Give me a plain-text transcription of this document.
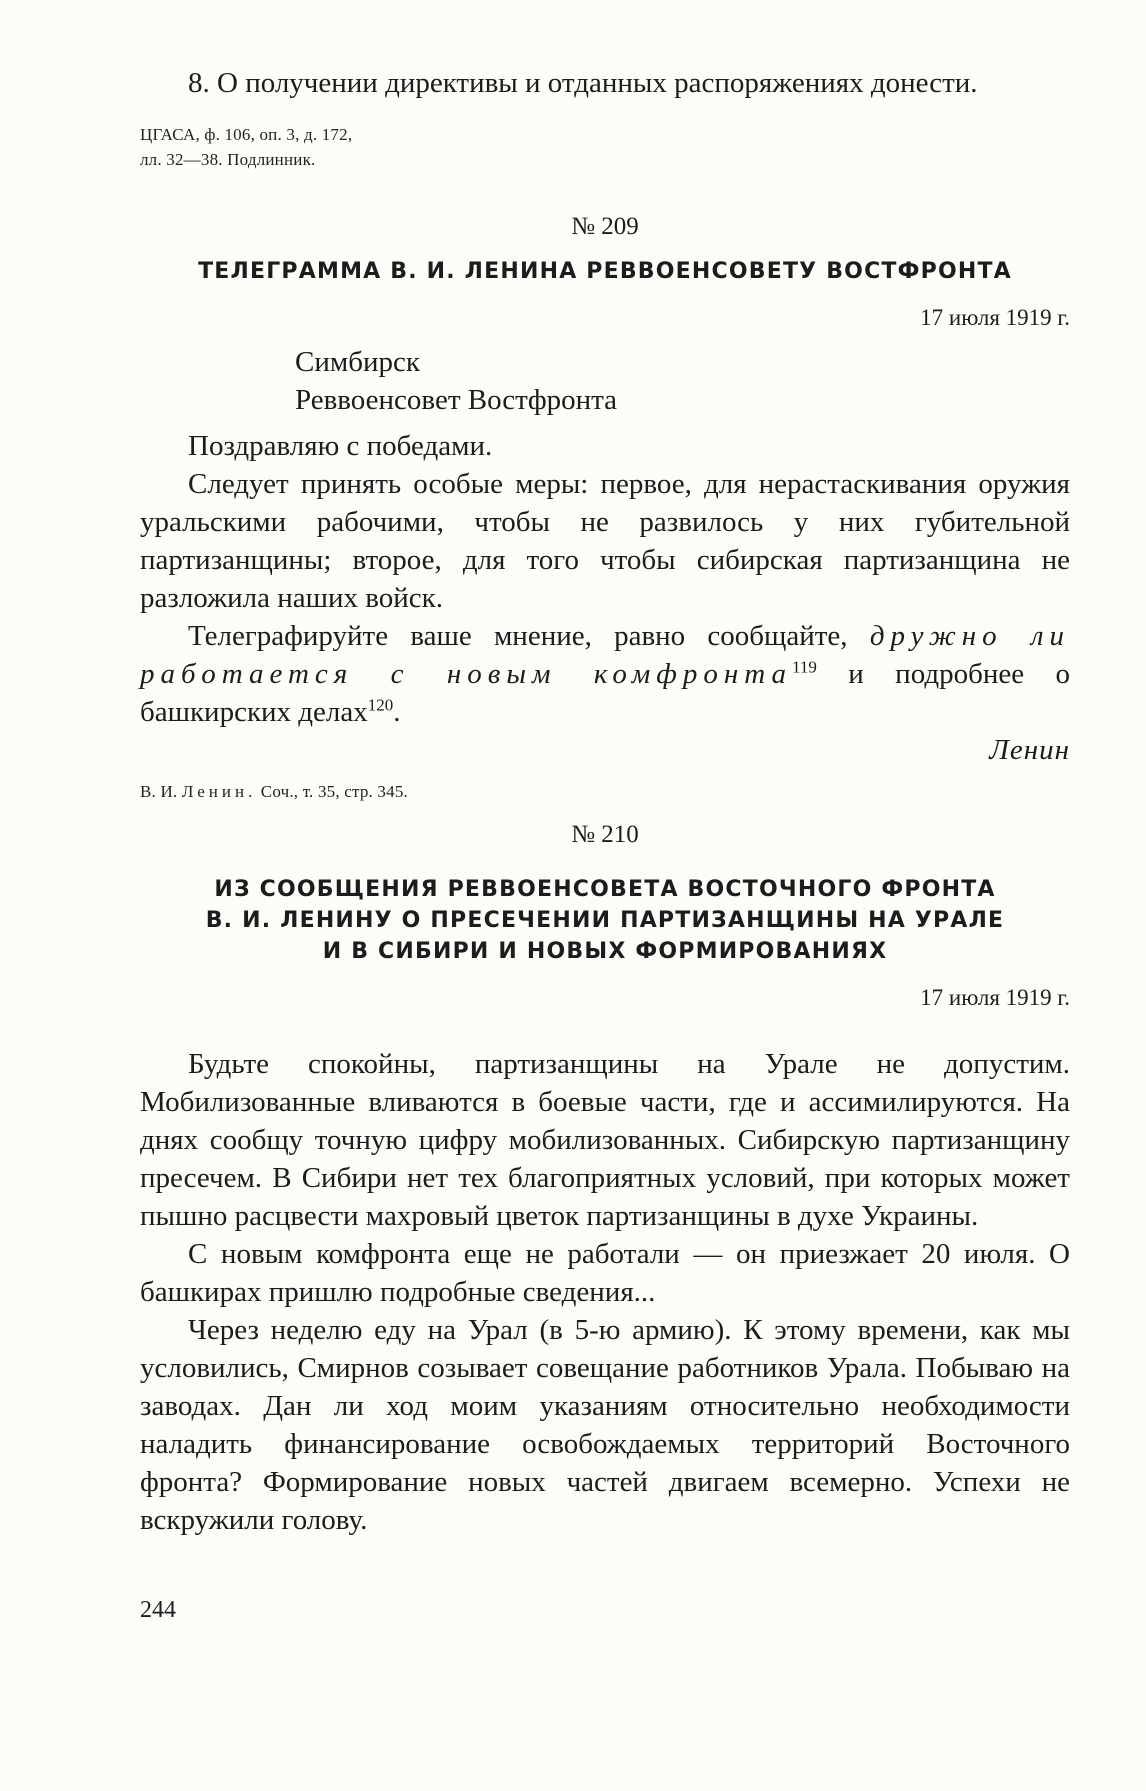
8. О получении директивы и отданных распоряжениях донести.

ЦГАСА, ф. 106, оп. 3, д. 172,

лл. 32—38. Подлинник.

№ 209

ТЕЛЕГРАММА В. И. ЛЕНИНА РЕВВОЕНСОВЕТУ ВОСТФРОНТА

17 июля 1919 г.

Симбирск

Реввоенсовет Востфронта

Поздравляю с победами.

Следует принять особые меры: первое, для нерастаскивания оружия уральскими рабочими, чтобы не развилось у них губительной партизанщины; второе, для того чтобы сибирская партизанщина не разложила наших войск.

Телеграфируйте ваше мнение, равно сообщайте, дружно ли работается с новым комфронта$^{119}$ и подробнее о башкирских делах$^{120}$.

Ленин

В. И. Ленин. Соч., т. 35, стр. 345.

№ 210

ИЗ СООБЩЕНИЯ РЕВВОЕНСОВЕТА ВОСТОЧНОГО ФРОНТА

В. И. ЛЕНИНУ О ПРЕСЕЧЕНИИ ПАРТИЗАНЩИНЫ НА УРАЛЕ

И В СИБИРИ И НОВЫХ ФОРМИРОВАНИЯХ

17 июля 1919 г.

Будьте спокойны, партизанщины на Урале не допустим. Мобилизованные вливаются в боевые части, где и ассимилируются. На днях сообщу точную цифру мобилизованных. Сибирскую партизанщину пресечем. В Сибири нет тех благоприятных условий, при которых может пышно расцвести махровый цветок партизанщины в духе Украины.

С новым комфронта еще не работали — он приезжает 20 июля. О башкирах пришлю подробные сведения...

Через неделю еду на Урал (в 5-ю армию). К этому времени, как мы условились, Смирнов созывает совещание работников Урала. Побываю на заводах. Дан ли ход моим указаниям относительно необходимости наладить финансирование освобождаемых территорий Восточного фронта? Формирование новых частей двигаем всемерно. Успехи не вскружили голову.

244
